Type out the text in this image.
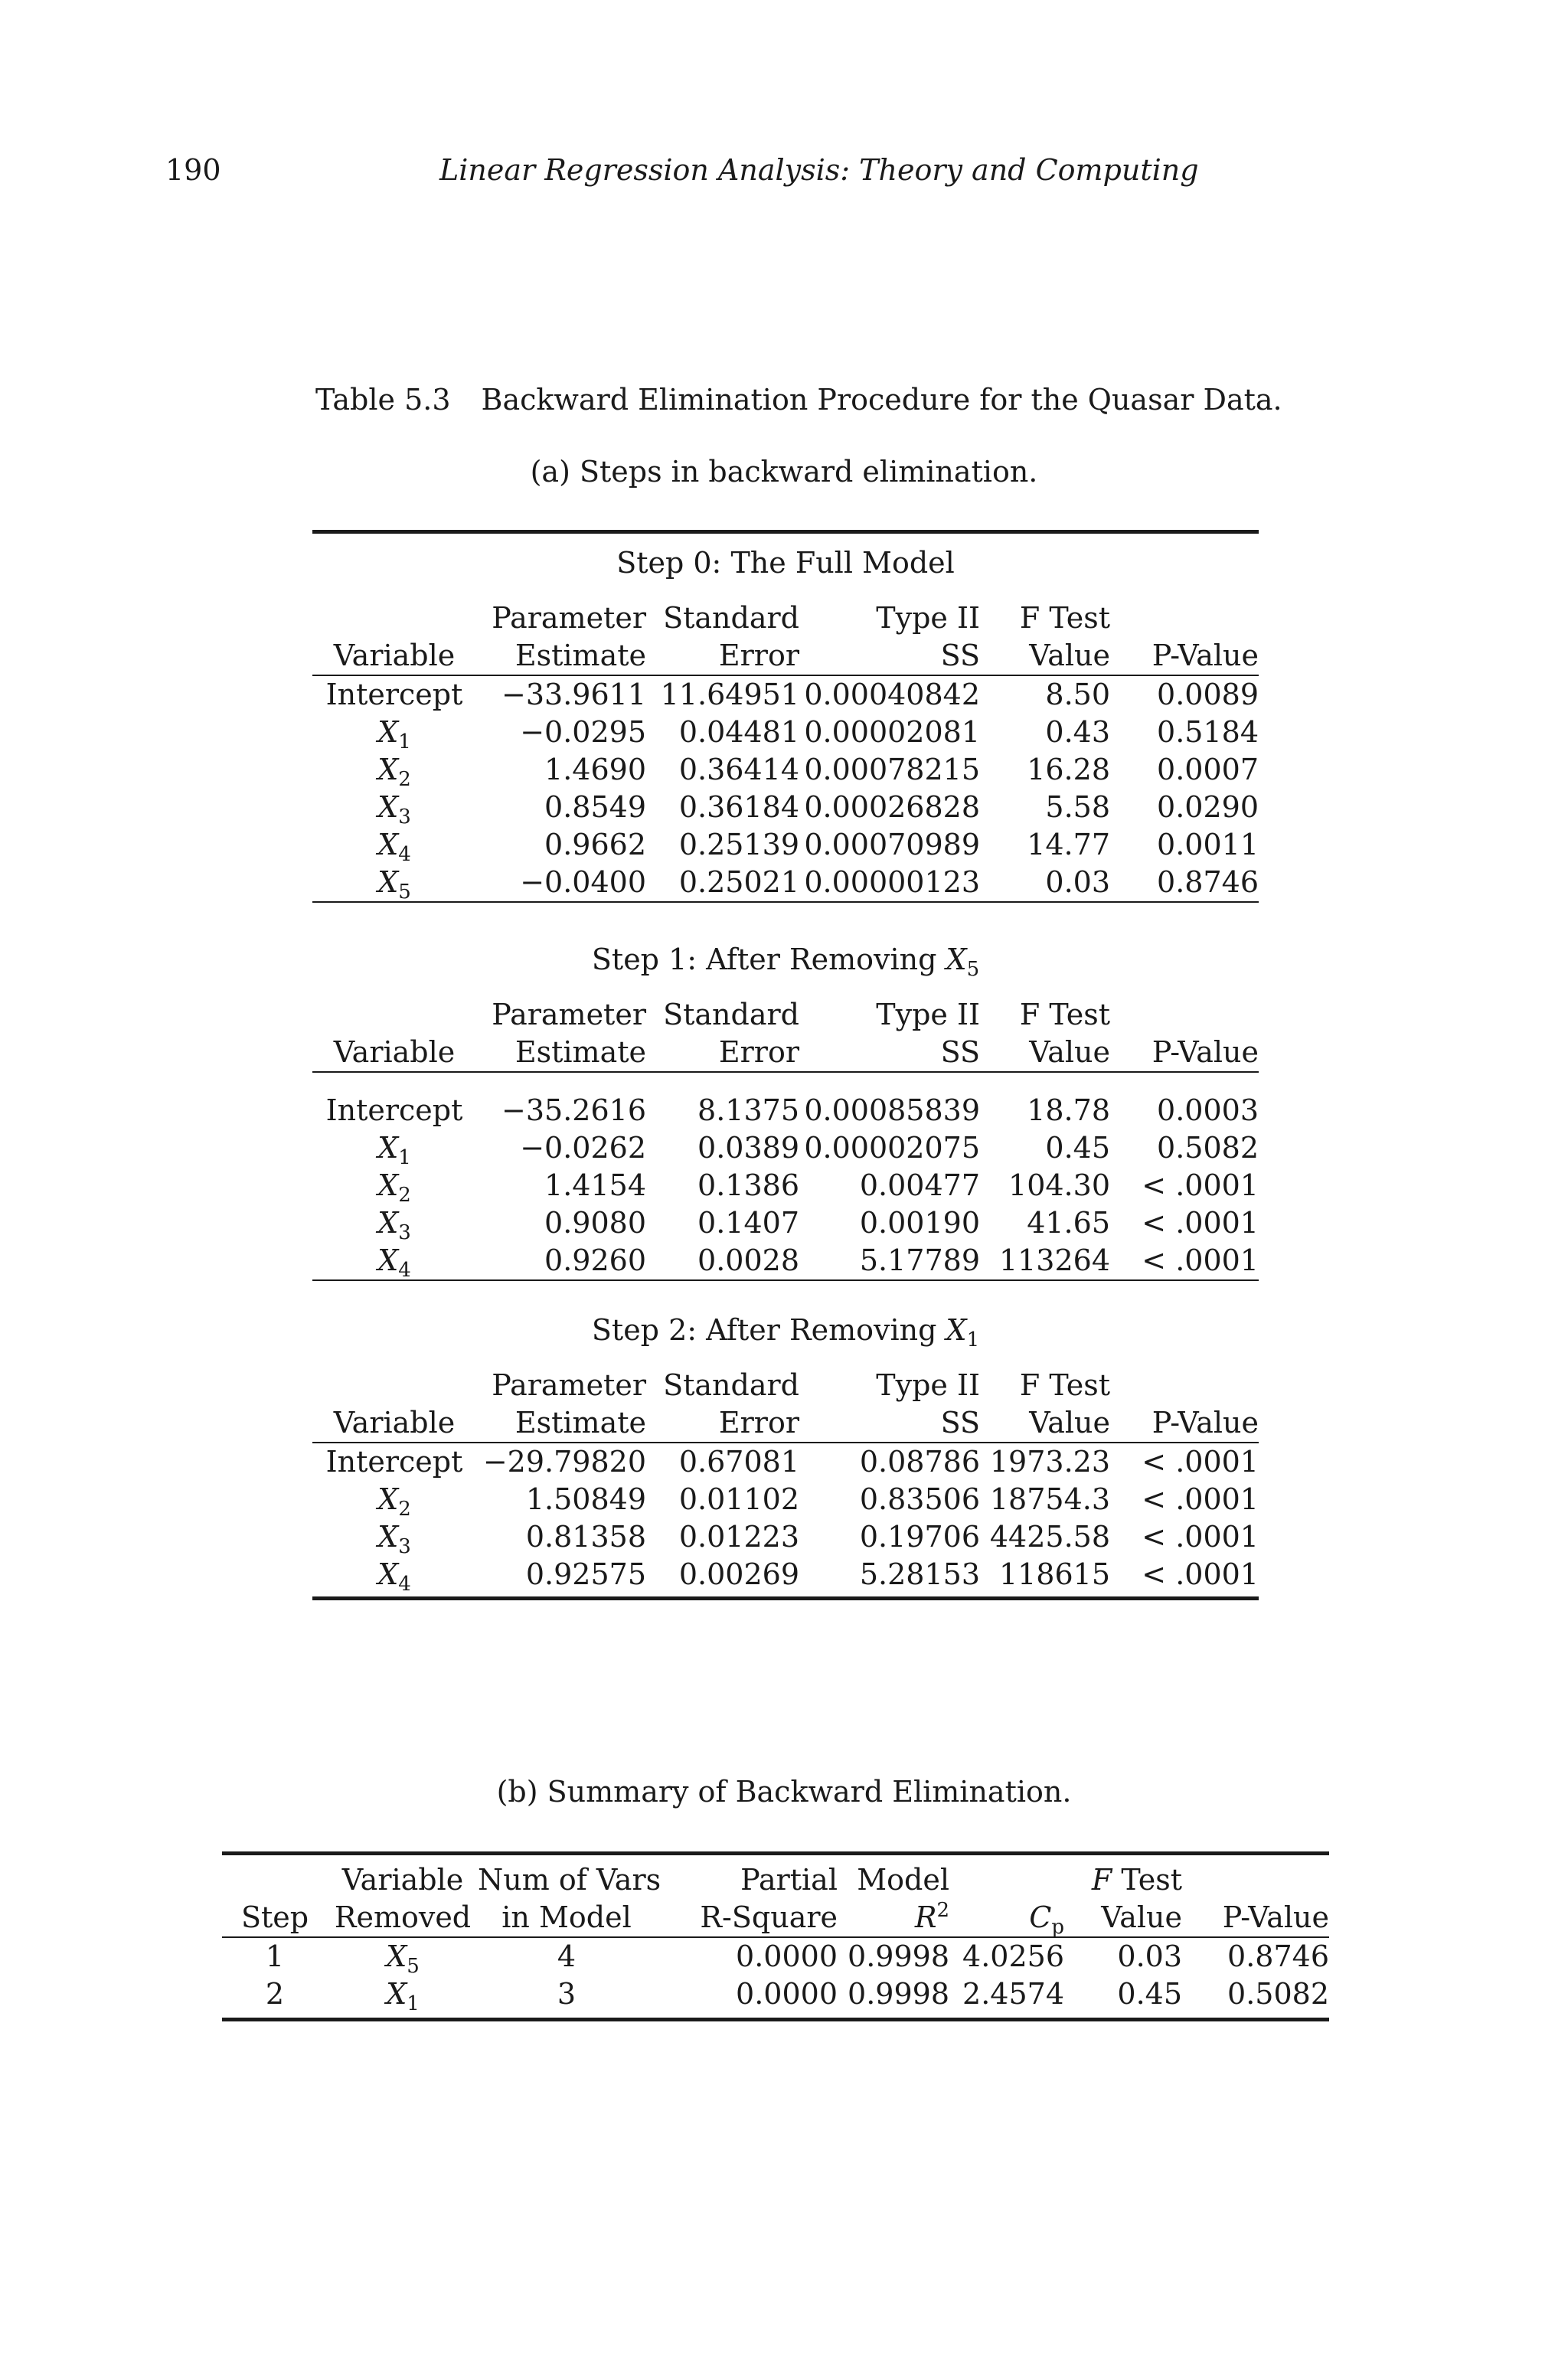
190	Linear Regression Analysis: Theory and Computing
Table 5.3 Backward Elimination Procedure for the Quasar Data.
(a) Steps in backward elimination.
Step 0: The Full Model
	Parameter	Standard	Type II	F Test	
Variable	Estimate	Error	SS	Value	P-Value
Intercept	−33.9611	11.64951	0.00040842	8.50	0.0089
$X_1$	−0.0295	0.04481	0.00002081	0.43	0.5184
$X_2$	1.4690	0.36414	0.00078215	16.28	0.0007
$X_3$	0.8549	0.36184	0.00026828	5.58	0.0290
$X_4$	0.9662	0.25139	0.00070989	14.77	0.0011
$X_5$	−0.0400	0.25021	0.00000123	0.03	0.8746
Step 1: After Removing $X_5$
	Parameter	Standard	Type II	F Test	
Variable	Estimate	Error	SS	Value	P-Value

Intercept	−35.2616	8.1375	0.00085839	18.78	0.0003
$X_1$	−0.0262	0.0389	0.00002075	0.45	0.5082
$X_2$	1.4154	0.1386	0.00477	104.30	< .0001
$X_3$	0.9080	0.1407	0.00190	41.65	< .0001
$X_4$	0.9260	0.0028	5.17789	113264	< .0001
Step 2: After Removing $X_1$
	Parameter	Standard	Type II	F Test	
Variable	Estimate	Error	SS	Value	P-Value
Intercept	−29.79820	0.67081	0.08786	1973.23	< .0001
$X_2$	1.50849	0.01102	0.83506	18754.3	< .0001
$X_3$	0.81358	0.01223	0.19706	4425.58	< .0001
$X_4$	0.92575	0.00269	5.28153	118615	< .0001
(b) Summary of Backward Elimination.
	Variable	Num of Vars	Partial	Model		F Test	
Step	Removed	in Model	R-Square	$R^2$	$C_p$	Value	P-Value
1	$X_5$	4	0.0000	0.9998	4.0256	0.03	0.8746
2	$X_1$	3	0.0000	0.9998	2.4574	0.45	0.5082
